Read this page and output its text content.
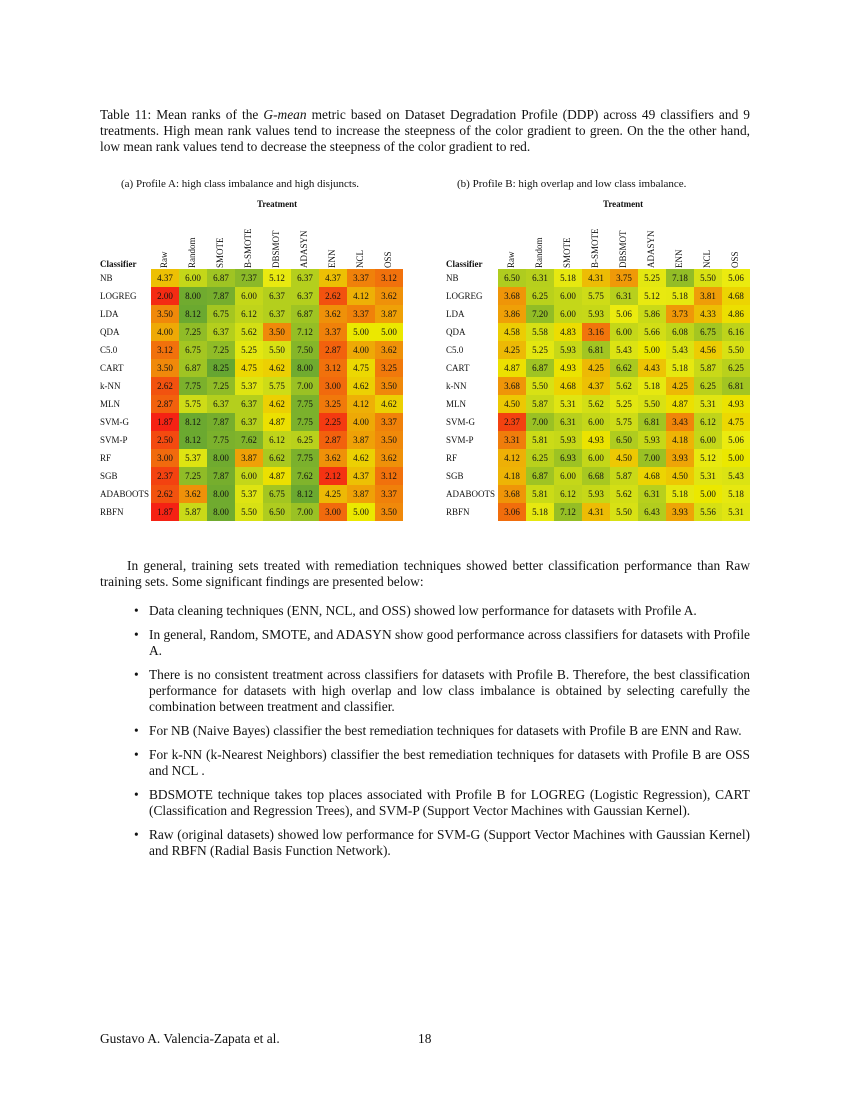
Table 11: Mean ranks of the G-mean metric based on Dataset Degradation Profile (DDP) across 49 classifiers and 9 treatments. High mean rank values tend to increase the steepness of the color gradient to green. On the the other hand, low mean rank values tend to decrease the steepness of the color gradient to red.
(a) Profile A: high class imbalance and high disjuncts.
Treatment
Classifier	Raw Random SMOTE B-SMOTE DBSMOT ADASYN ENN NCL OSS
NB	4.37	6.00	6.87	7.37	5.12	6.37	4.37	3.37	3.12
LOGREG	2.00	8.00	7.87	6.00	6.37	6.37	2.62	4.12	3.62
LDA	3.50	8.12	6.75	6.12	6.37	6.87	3.62	3.37	3.87
QDA	4.00	7.25	6.37	5.62	3.50	7.12	3.37	5.00	5.00
C5.0	3.12	6.75	7.25	5.25	5.50	7.50	2.87	4.00	3.62
CART	3.50	6.87	8.25	4.75	4.62	8.00	3.12	4.75	3.25
k-NN	2.62	7.75	7.25	5.37	5.75	7.00	3.00	4.62	3.50
MLN	2.87	5.75	6.37	6.37	4.62	7.75	3.25	4.12	4.62
SVM-G	1.87	8.12	7.87	6.37	4.87	7.75	2.25	4.00	3.37
SVM-P	2.50	8.12	7.75	7.62	6.12	6.25	2.87	3.87	3.50
RF	3.00	5.37	8.00	3.87	6.62	7.75	3.62	4.62	3.62
SGB	2.37	7.25	7.87	6.00	4.87	7.62	2.12	4.37	3.12
ADABOOTS	2.62	3.62	8.00	5.37	6.75	8.12	4.25	3.87	3.37
RBFN	1.87	5.87	8.00	5.50	6.50	7.00	3.00	5.00	3.50
(b) Profile B: high overlap and low class imbalance.
Treatment
Classifier	Raw Random SMOTE B-SMOTE DBSMOT ADASYN ENN NCL OSS
NB	6.50	6.31	5.18	4.31	3.75	5.25	7.18	5.50	5.06
LOGREG	3.68	6.25	6.00	5.75	6.31	5.12	5.18	3.81	4.68
LDA	3.86	7.20	6.00	5.93	5.06	5.86	3.73	4.33	4.86
QDA	4.58	5.58	4.83	3.16	6.00	5.66	6.08	6.75	6.16
C5.0	4.25	5.25	5.93	6.81	5.43	5.00	5.43	4.56	5.50
CART	4.87	6.87	4.93	4.25	6.62	4.43	5.18	5.87	6.25
k-NN	3.68	5.50	4.68	4.37	5.62	5.18	4.25	6.25	6.81
MLN	4.50	5.87	5.31	5.62	5.25	5.50	4.87	5.31	4.93
SVM-G	2.37	7.00	6.31	6.00	5.75	6.81	3.43	6.12	4.75
SVM-P	3.31	5.81	5.93	4.93	6.50	5.93	4.18	6.00	5.06
RF	4.12	6.25	6.93	6.00	4.50	7.00	3.93	5.12	5.00
SGB	4.18	6.87	6.00	6.68	5.87	4.68	4.50	5.31	5.43
ADABOOTS	3.68	5.81	6.12	5.93	5.62	6.31	5.18	5.00	5.18
RBFN	3.06	5.18	7.12	4.31	5.50	6.43	3.93	5.56	5.31
In general, training sets treated with remediation techniques showed better classification performance than Raw training sets. Some significant findings are presented below:
• Data cleaning techniques (ENN, NCL, and OSS) showed low performance for datasets with Profile A.
• In general, Random, SMOTE, and ADASYN show good performance across classifiers for datasets with Profile A.
• There is no consistent treatment across classifiers for datasets with Profile B. Therefore, the best classification performance for datasets with high overlap and low class imbalance is obtained by selecting carefully the combination between treatment and classifier.
• For NB (Naive Bayes) classifier the best remediation techniques for datasets with Profile B are ENN and Raw.
• For k-NN (k-Nearest Neighbors) classifier the best remediation techniques for datasets with Profile B are OSS and NCL .
• BDSMOTE technique takes top places associated with Profile B for LOGREG (Logistic Regression), CART (Classification and Regression Trees), and SVM-P (Support Vector Machines with Gaussian Kernel).
• Raw (original datasets) showed low performance for SVM-G (Support Vector Machines with Gaussian Kernel) and RBFN (Radial Basis Function Network).
Gustavo A. Valencia-Zapata et al.	18
